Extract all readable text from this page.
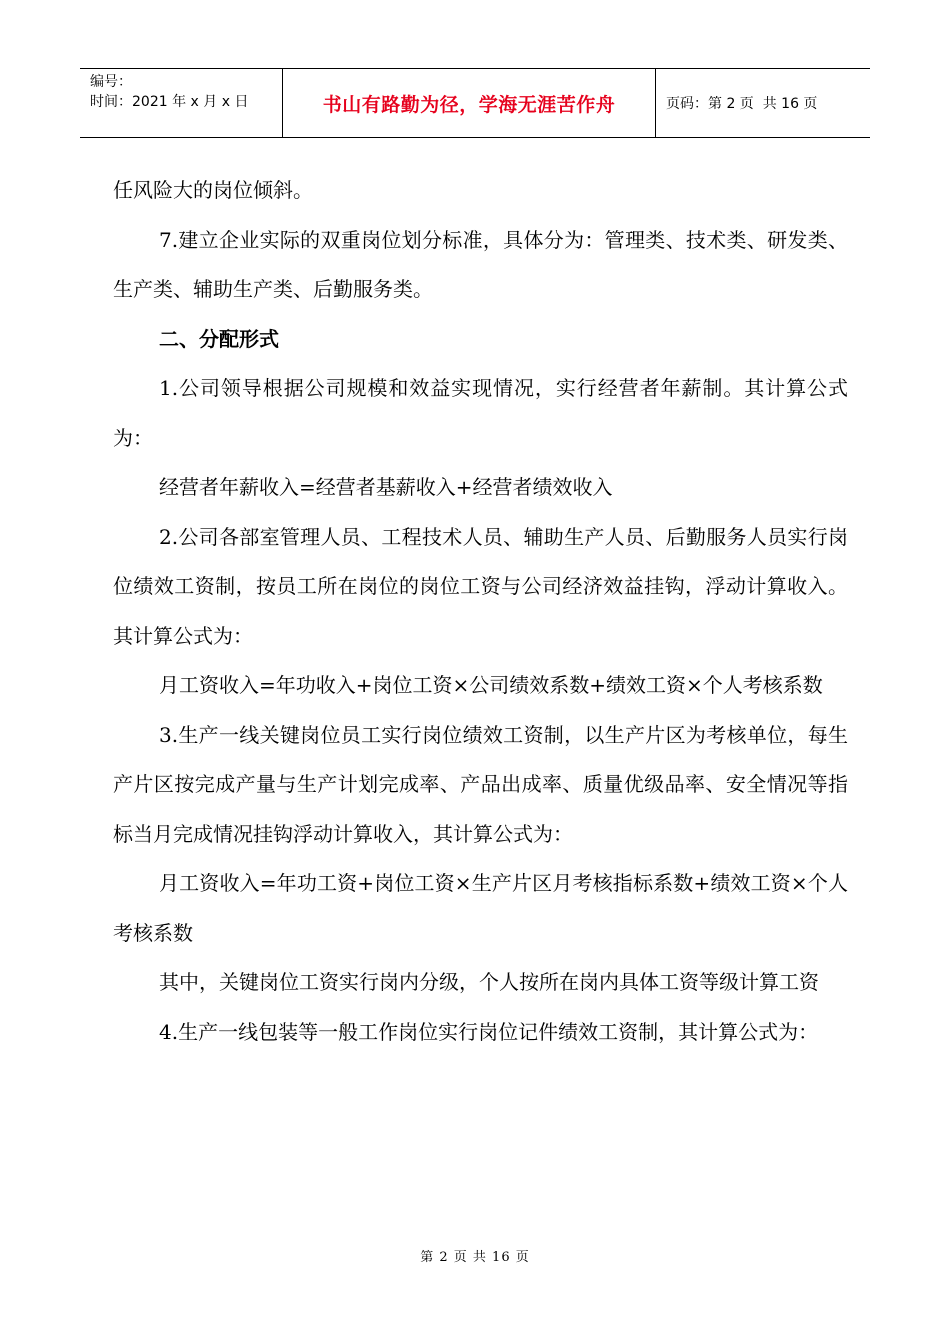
编号：
时间：2021 年 x 月 x 日	书山有路勤为径，学海无涯苦作舟	页码：第 2 页  共 16 页

任风险大的岗位倾斜。

7.建立企业实际的双重岗位划分标准，具体分为：管理类、技术类、研发类、生产类、辅助生产类、后勤服务类。

二、分配形式

1.公司领导根据公司规模和效益实现情况，实行经营者年薪制。其计算公式为：

经营者年薪收入=经营者基薪收入+经营者绩效收入

2.公司各部室管理人员、工程技术人员、辅助生产人员、后勤服务人员实行岗位绩效工资制，按员工所在岗位的岗位工资与公司经济效益挂钩，浮动计算收入。其计算公式为：

月工资收入=年功收入+岗位工资×公司绩效系数+绩效工资×个人考核系数

3.生产一线关键岗位员工实行岗位绩效工资制，以生产片区为考核单位，每生产片区按完成产量与生产计划完成率、产品出成率、质量优级品率、安全情况等指标当月完成情况挂钩浮动计算收入，其计算公式为：

月工资收入=年功工资+岗位工资×生产片区月考核指标系数+绩效工资×个人考核系数

其中，关键岗位工资实行岗内分级，个人按所在岗内具体工资等级计算工资

4.生产一线包装等一般工作岗位实行岗位记件绩效工资制，其计算公式为：

第 2 页 共 16 页
